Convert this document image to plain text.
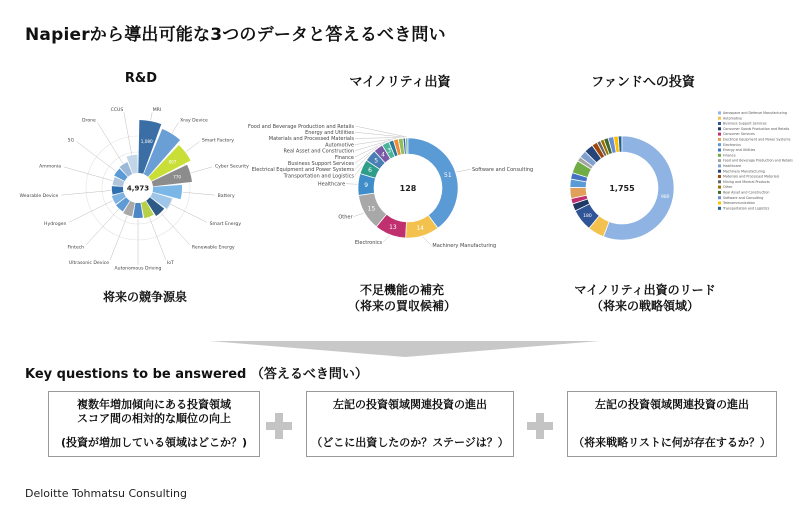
Napierから導出可能な3つのデータと答えるべき問い
R&D	マイノリティ出資	ファンドへの投資
MRI
1,080
Xray Device
Smart Factory
807
Cyber Security
770
Battery
Smart Energy
Renewable Energy
IoT
Autonomous Driving
Ultrasonic Device
Fintech
Hydrogen
Wearable Device
Ammonia
5G
Drone
CCUS
4,973
51
Software and Consulting
14
Machinery Manufacturing
13
Electronics
15
Other
9
Healthcare
6
Transportation and Logistics
5
Electrical Equipment and Power Systems
4
Business Support Services
3
Finance
Real Asset and Construction
Automotive
Materials and Processed Materials
Energy and Utilities
Food and Beverage Production and Retails
128
980
180
1,755
Aerospace and Defense Manufacturing
Automotive
Business Support Services
Consumer Goods Production and Retails
Consumer Services
Electrical Equipment and Power Systems
Electronics
Energy and Utilities
Finance
Food and Beverage Production and Retails
Healthcare
Machinery Manufacturing
Materials and Processed Materials
Mining and Mineral Products
Other
Real Asset and Construction
Software and Consulting
Telecommunication
Transportation and Logistics
将来の競争源泉	不足機能の補充
（将来の買収候補）
マイノリティ出資のリード
（将来の戦略領域）
Key questions to be answered （答えるべき問い）
複数年増加傾向にある投資領域
スコア間の相対的な順位の向上
(投資が増加している領域はどこか？)
左記の投資領域関連投資の進出
（どこに出資したのか？ステージは？）
左記の投資領域関連投資の進出
（将来戦略リストに何が存在するか？）
Deloitte Tohmatsu Consulting
